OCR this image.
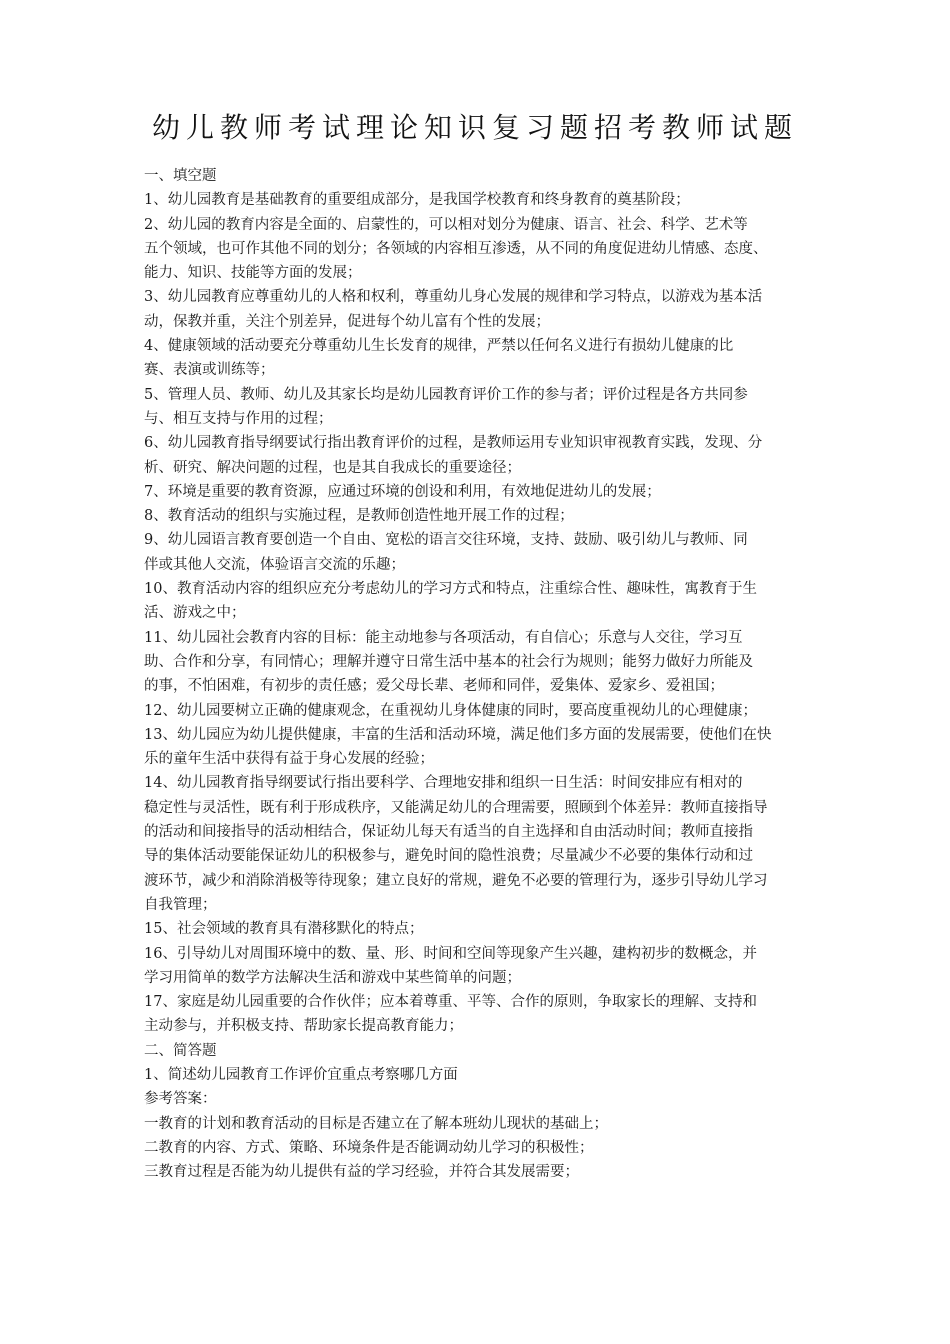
幼儿教师考试理论知识复习题招考教师试题
一、填空题
1、幼儿园教育是基础教育的重要组成部分，是我国学校教育和终身教育的奠基阶段；
2、幼儿园的教育内容是全面的、启蒙性的，可以相对划分为健康、语言、社会、科学、艺术等
五个领域，也可作其他不同的划分；各领域的内容相互渗透，从不同的角度促进幼儿情感、态度、
能力、知识、技能等方面的发展；
3、幼儿园教育应尊重幼儿的人格和权利，尊重幼儿身心发展的规律和学习特点，以游戏为基本活
动，保教并重，关注个别差异，促进每个幼儿富有个性的发展；
4、健康领域的活动要充分尊重幼儿生长发育的规律，严禁以任何名义进行有损幼儿健康的比
赛、表演或训练等；
5、管理人员、教师、幼儿及其家长均是幼儿园教育评价工作的参与者；评价过程是各方共同参
与、相互支持与作用的过程；
6、幼儿园教育指导纲要试行指出教育评价的过程，是教师运用专业知识审视教育实践，发现、分
析、研究、解决问题的过程，也是其自我成长的重要途径；
7、环境是重要的教育资源，应通过环境的创设和利用，有效地促进幼儿的发展；
8、教育活动的组织与实施过程，是教师创造性地开展工作的过程；
9、幼儿园语言教育要创造一个自由、宽松的语言交往环境，支持、鼓励、吸引幼儿与教师、同
伴或其他人交流，体验语言交流的乐趣；
10、教育活动内容的组织应充分考虑幼儿的学习方式和特点，注重综合性、趣味性，寓教育于生
活、游戏之中；
11、幼儿园社会教育内容的目标：能主动地参与各项活动，有自信心；乐意与人交往，学习互
助、合作和分享，有同情心；理解并遵守日常生活中基本的社会行为规则；能努力做好力所能及
的事，不怕困难，有初步的责任感；爱父母长辈、老师和同伴，爱集体、爱家乡、爱祖国；
12、幼儿园要树立正确的健康观念，在重视幼儿身体健康的同时，要高度重视幼儿的心理健康；
13、幼儿园应为幼儿提供健康，丰富的生活和活动环境，满足他们多方面的发展需要，使他们在快
乐的童年生活中获得有益于身心发展的经验；
14、幼儿园教育指导纲要试行指出要科学、合理地安排和组织一日生活：时间安排应有相对的
稳定性与灵活性，既有利于形成秩序，又能满足幼儿的合理需要，照顾到个体差异：教师直接指导
的活动和间接指导的活动相结合，保证幼儿每天有适当的自主选择和自由活动时间；教师直接指
导的集体活动要能保证幼儿的积极参与，避免时间的隐性浪费；尽量减少不必要的集体行动和过
渡环节，减少和消除消极等待现象；建立良好的常规，避免不必要的管理行为，逐步引导幼儿学习
自我管理；
15、社会领域的教育具有潜移默化的特点；
16、引导幼儿对周围环境中的数、量、形、时间和空间等现象产生兴趣，建构初步的数概念，并
学习用简单的数学方法解决生活和游戏中某些简单的问题；
17、家庭是幼儿园重要的合作伙伴；应本着尊重、平等、合作的原则，争取家长的理解、支持和
主动参与，并积极支持、帮助家长提高教育能力；
二、简答题
1、简述幼儿园教育工作评价宜重点考察哪几方面
参考答案：
一教育的计划和教育活动的目标是否建立在了解本班幼儿现状的基础上；
二教育的内容、方式、策略、环境条件是否能调动幼儿学习的积极性；
三教育过程是否能为幼儿提供有益的学习经验，并符合其发展需要；
